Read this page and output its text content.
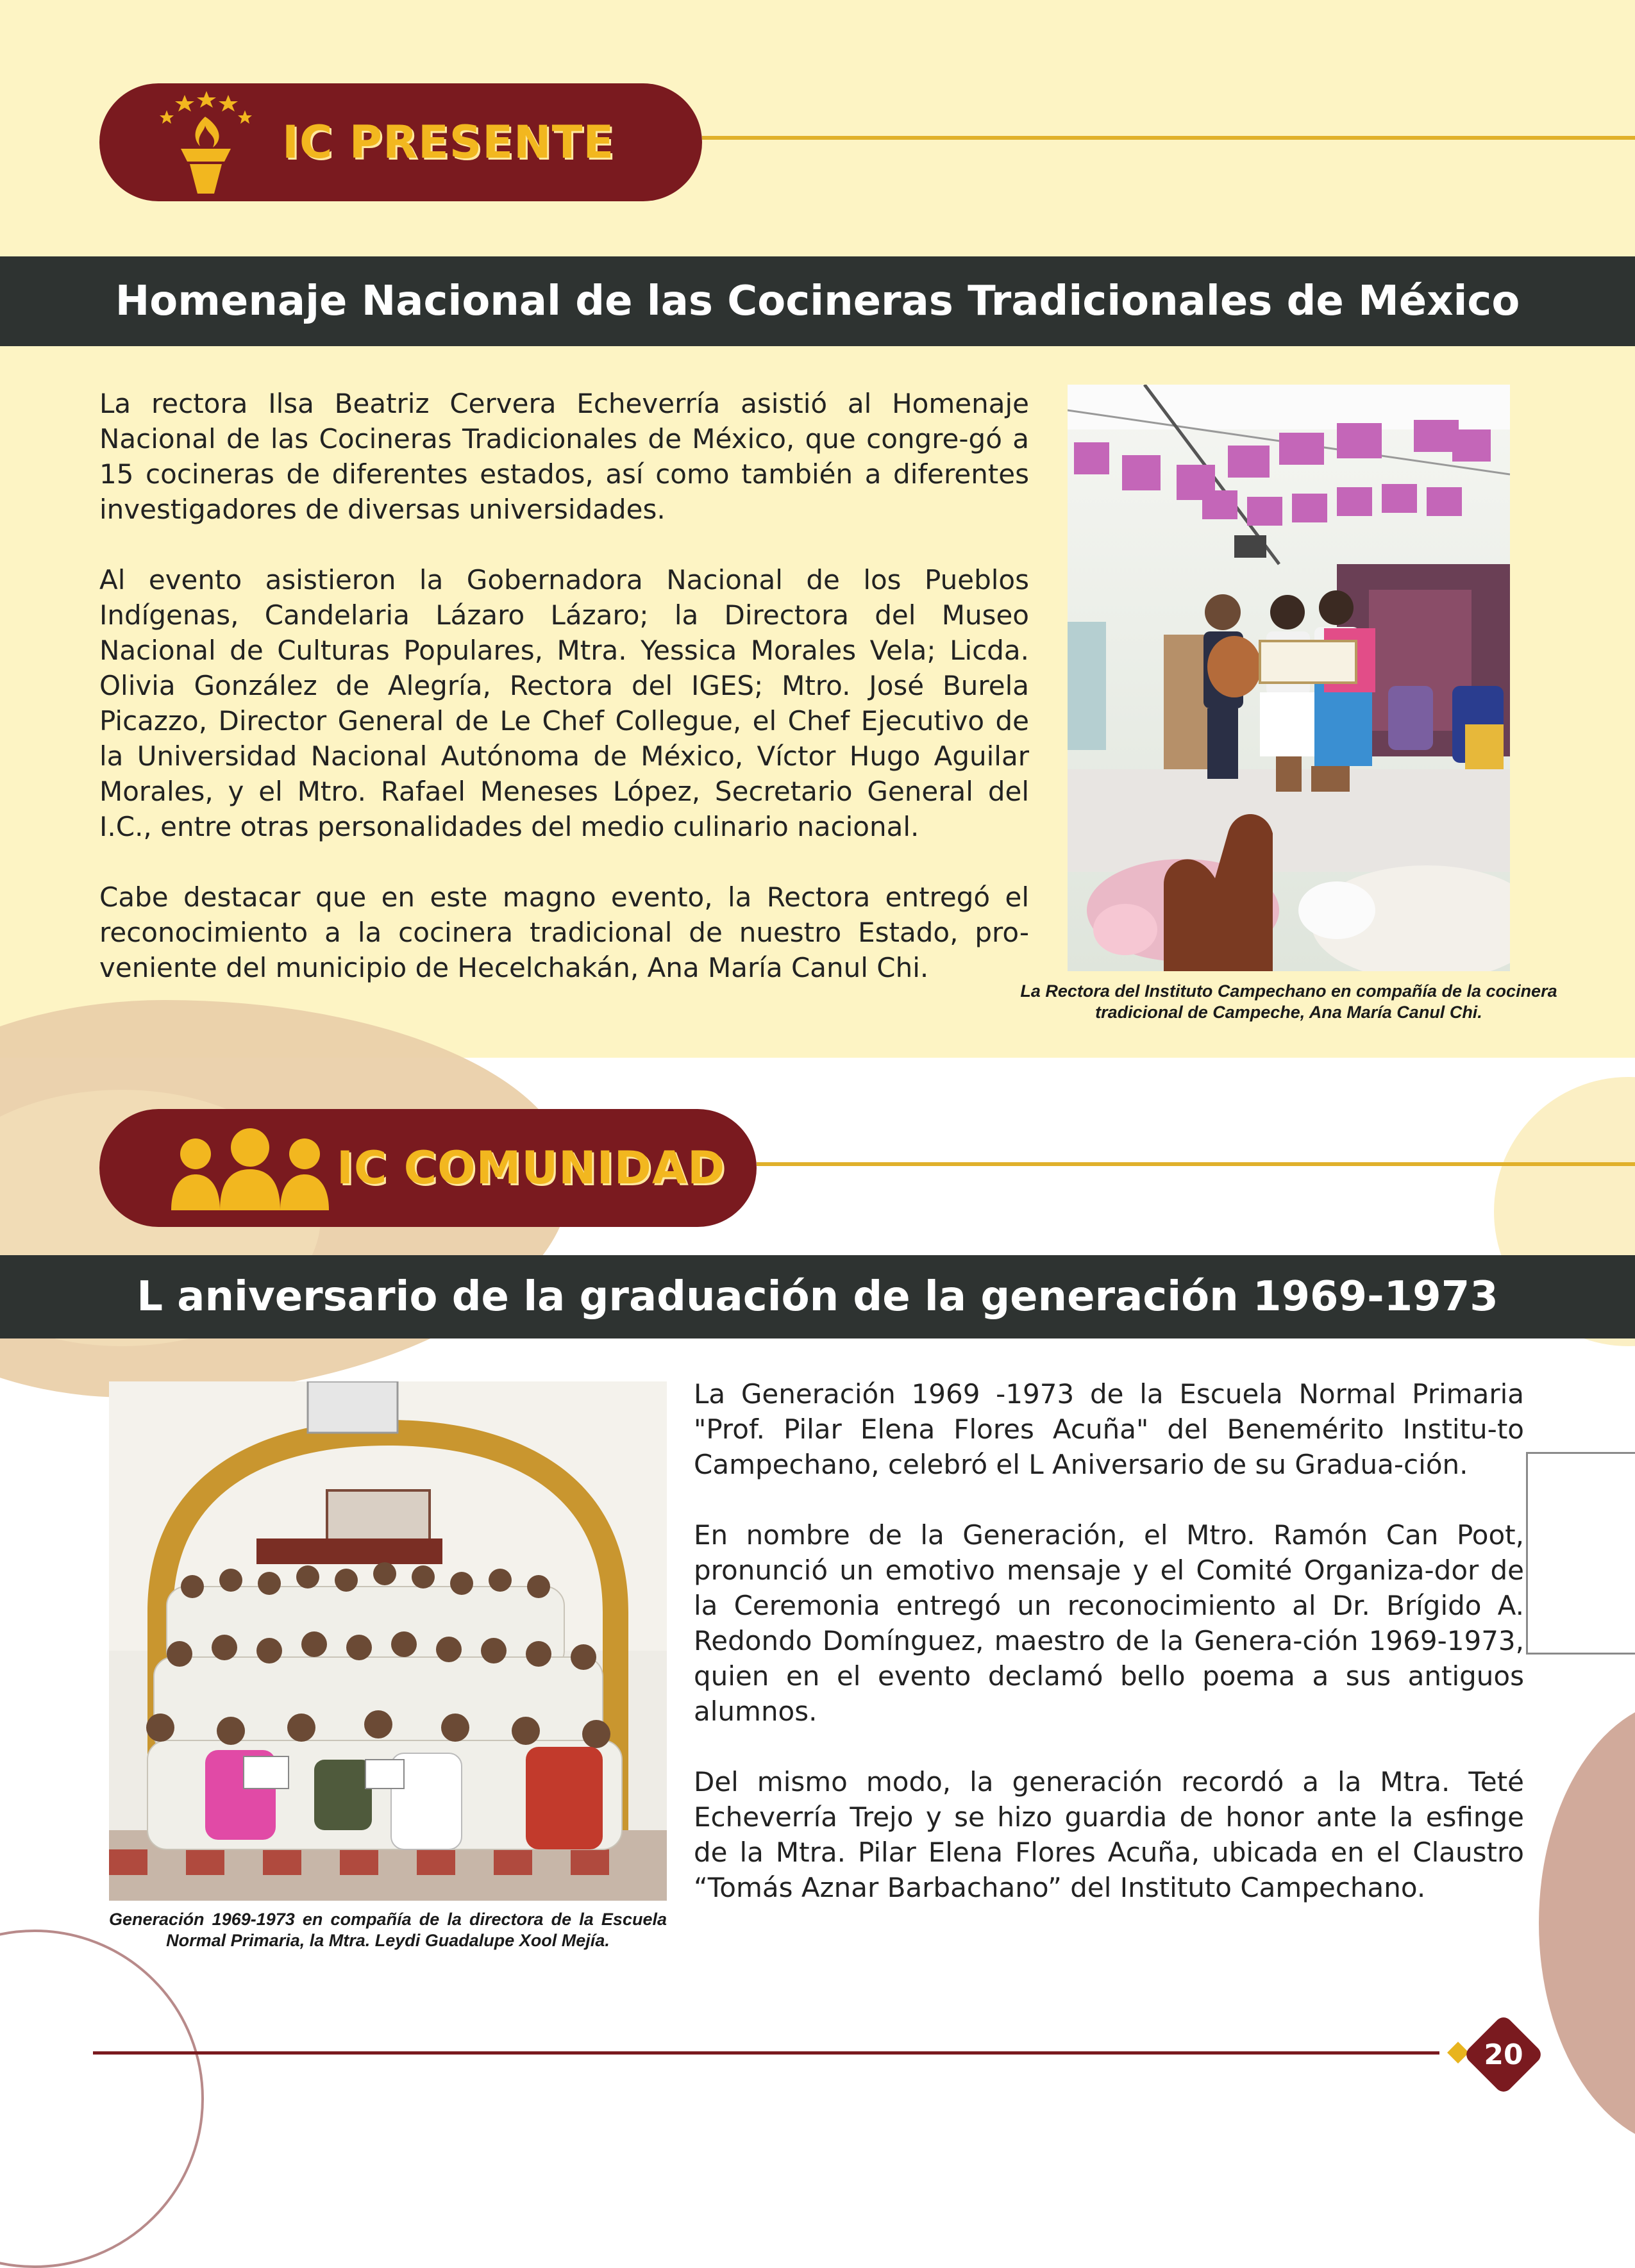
IC PRESENTE
Homenaje Nacional de las Cocineras Tradicionales de México

La rectora Ilsa Beatriz Cervera Echeverría asistió al Homenaje Nacional de las Cocineras Tradicionales de México, que congre-gó a 15 cocineras de diferentes estados, así como también a diferentes investigadores de diversas universidades.

Al evento asistieron la Gobernadora Nacional de los Pueblos Indígenas, Candelaria Lázaro Lázaro; la Directora del Museo Nacional de Culturas Populares, Mtra. Yessica Morales Vela; Licda. Olivia González de Alegría, Rectora del IGES; Mtro. José Burela Picazzo, Director General de Le Chef Collegue, el Chef Ejecutivo de la Universidad Nacional Autónoma de México, Víctor Hugo Aguilar Morales, y el Mtro. Rafael Meneses López, Secretario General del I.C., entre otras personalidades del medio culinario nacional.

Cabe destacar que en este magno evento, la Rectora entregó el reconocimiento a la cocinera tradicional de nuestro Estado, pro-veniente del municipio de Hecelchakán, Ana María Canul Chi.

La Rectora del Instituto Campechano en compañía de la cocinera tradicional de Campeche, Ana María Canul Chi.

IC COMUNIDAD
L aniversario de la graduación de la generación 1969-1973

Generación 1969-1973 en compañía de la directora de la Escuela Normal Primaria, la Mtra. Leydi Guadalupe Xool Mejía.

La Generación 1969 -1973 de la Escuela Normal Primaria "Prof. Pilar Elena Flores Acuña" del Benemérito Institu-to Campechano, celebró el L Aniversario de su Gradua-ción.

En nombre de la Generación, el Mtro. Ramón Can Poot, pronunció un emotivo mensaje y el Comité Organiza-dor de la Ceremonia entregó un reconocimiento al Dr. Brígido A. Redondo Domínguez, maestro de la Genera-ción 1969-1973, quien en el evento declamó bello poema a sus antiguos alumnos.

Del mismo modo, la generación recordó a la Mtra. Teté Echeverría Trejo y se hizo guardia de honor ante la esfinge de la Mtra. Pilar Elena Flores Acuña, ubicada en el Claustro “Tomás Aznar Barbachano” del Instituto Campechano.

20
